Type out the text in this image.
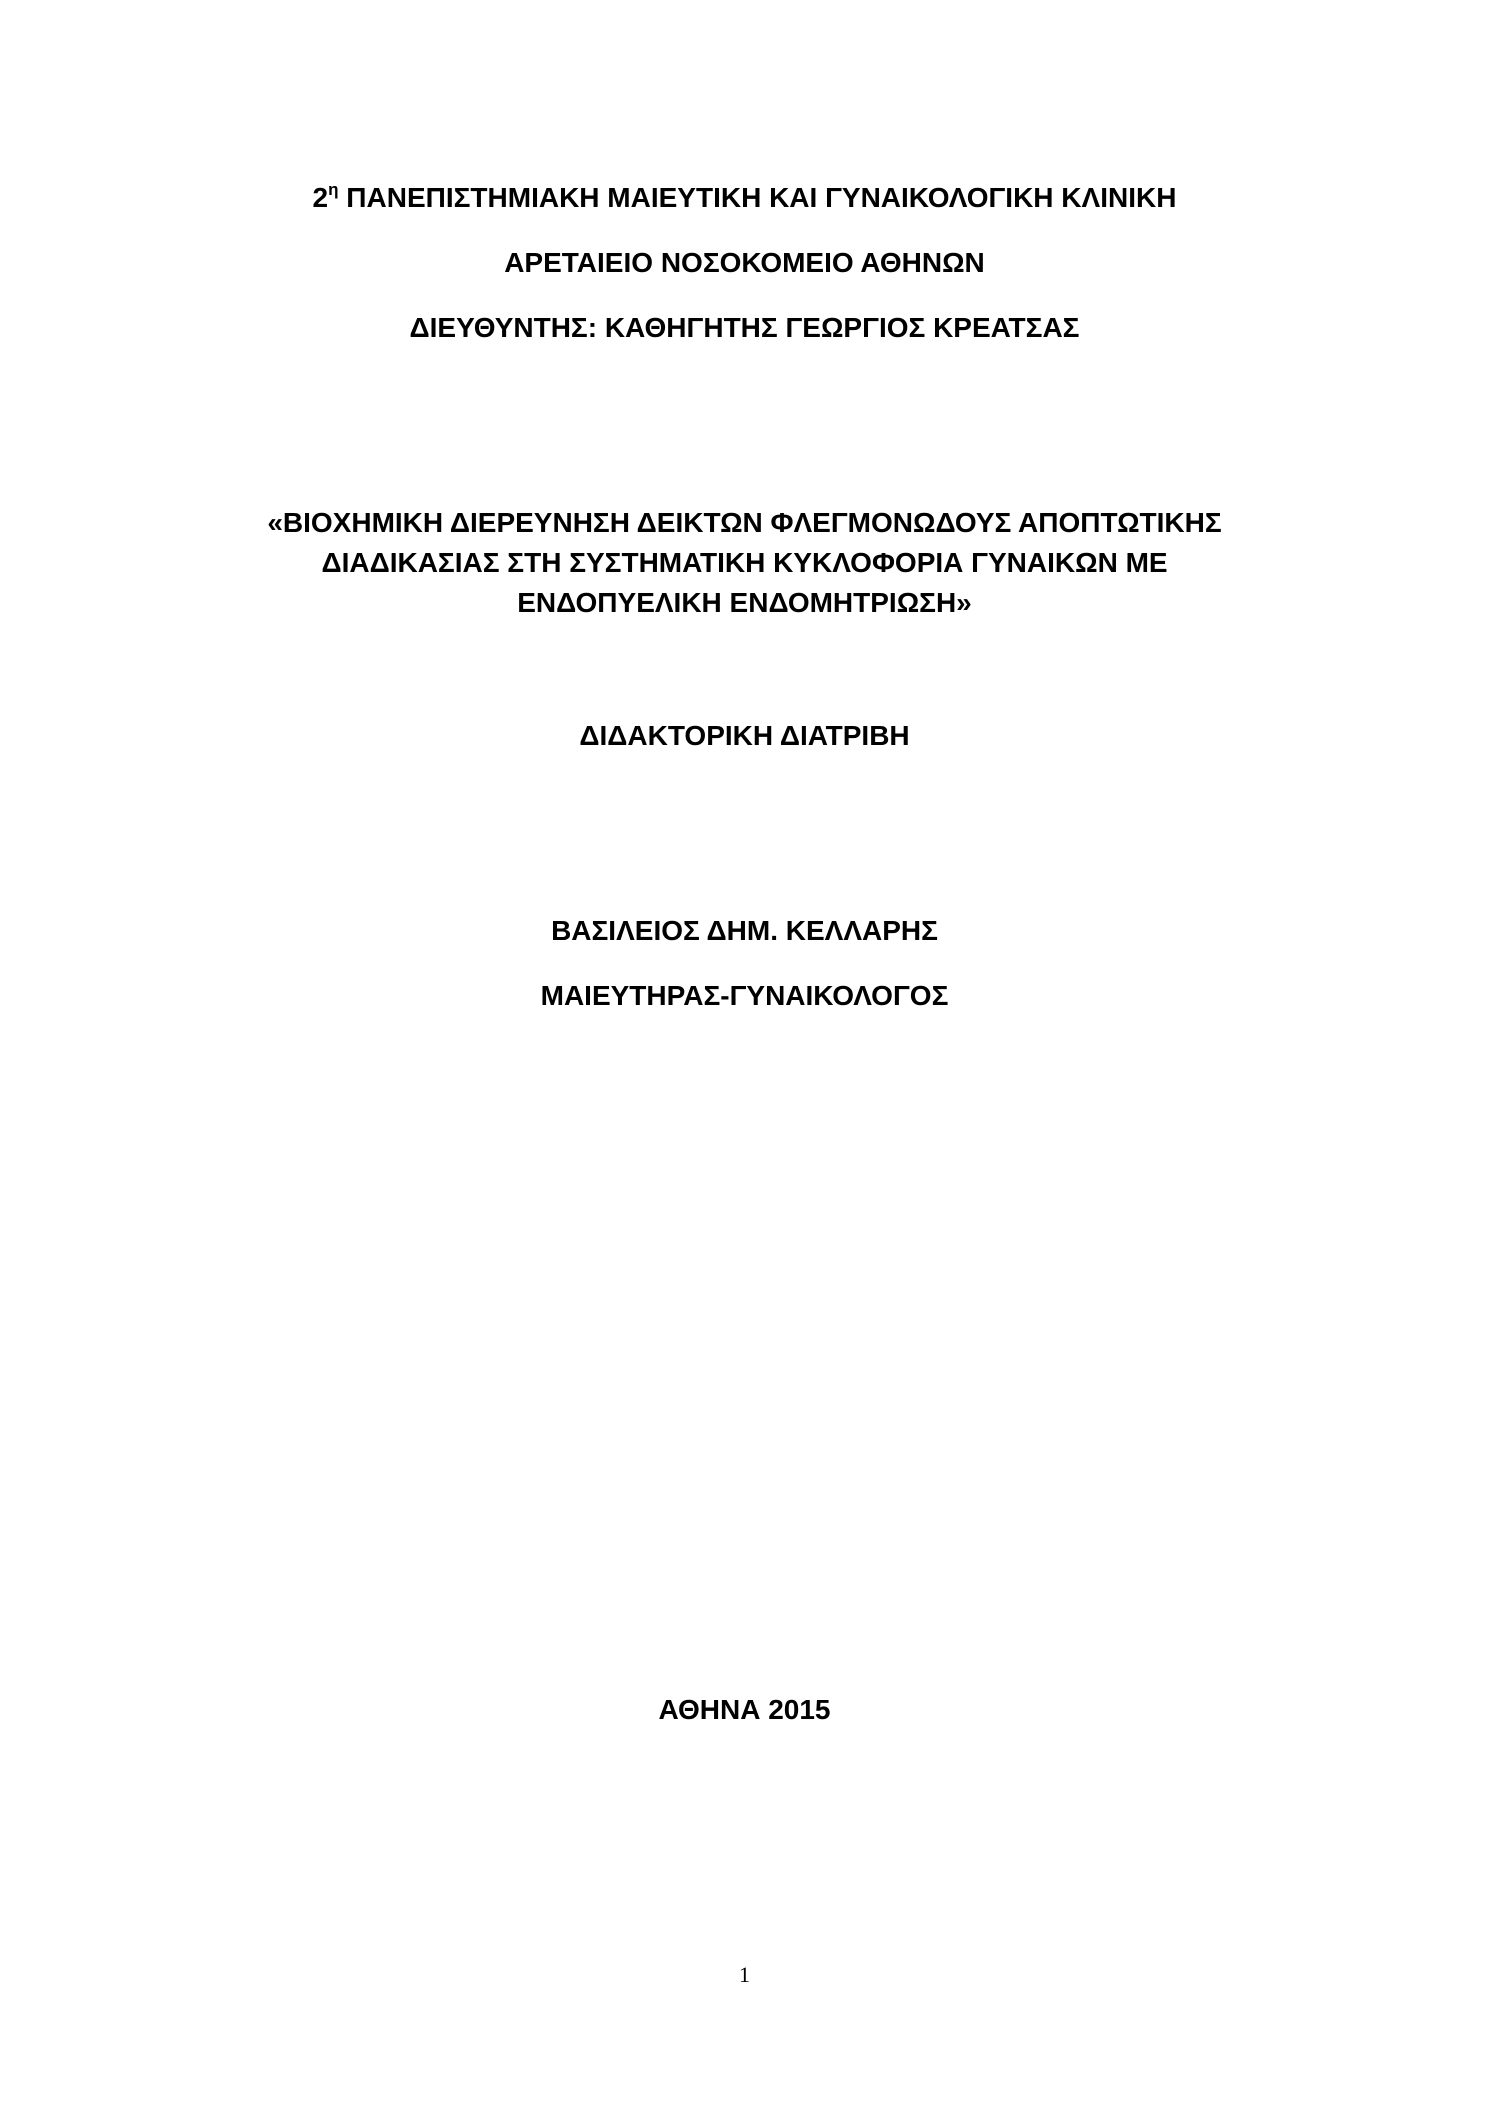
$2^\eta$ ΠΑΝΕΠΙΣΤΗΜΙΑΚΗ ΜΑΙΕΥΤΙΚΗ ΚΑΙ ΓΥΝΑΙΚΟΛΟΓΙΚΗ ΚΛΙΝΙΚΗ

ΑΡΕΤΑΙΕΙΟ ΝΟΣΟΚΟΜΕΙΟ ΑΘΗΝΩΝ

ΔΙΕΥΘΥΝΤΗΣ: ΚΑΘΗΓΗΤΗΣ ΓΕΩΡΓΙΟΣ ΚΡΕΑΤΣΑΣ

«ΒΙΟΧΗΜΙΚΗ ΔΙΕΡΕΥΝΗΣΗ ΔΕΙΚΤΩΝ ΦΛΕΓΜΟΝΩΔΟΥΣ ΑΠΟΠΤΩΤΙΚΗΣ

ΔΙΑΔΙΚΑΣΙΑΣ ΣΤΗ ΣΥΣΤΗΜΑΤΙΚΗ ΚΥΚΛΟΦΟΡΙΑ ΓΥΝΑΙΚΩΝ ΜΕ

ΕΝΔΟΠΥΕΛΙΚΗ ΕΝΔΟΜΗΤΡΙΩΣΗ»

ΔΙΔΑΚΤΟΡΙΚΗ ΔΙΑΤΡΙΒΗ

ΒΑΣΙΛΕΙΟΣ ΔΗΜ. ΚΕΛΛΑΡΗΣ

ΜΑΙΕΥΤΗΡΑΣ-ΓΥΝΑΙΚΟΛΟΓΟΣ

ΑΘΗΝΑ 2015

1
